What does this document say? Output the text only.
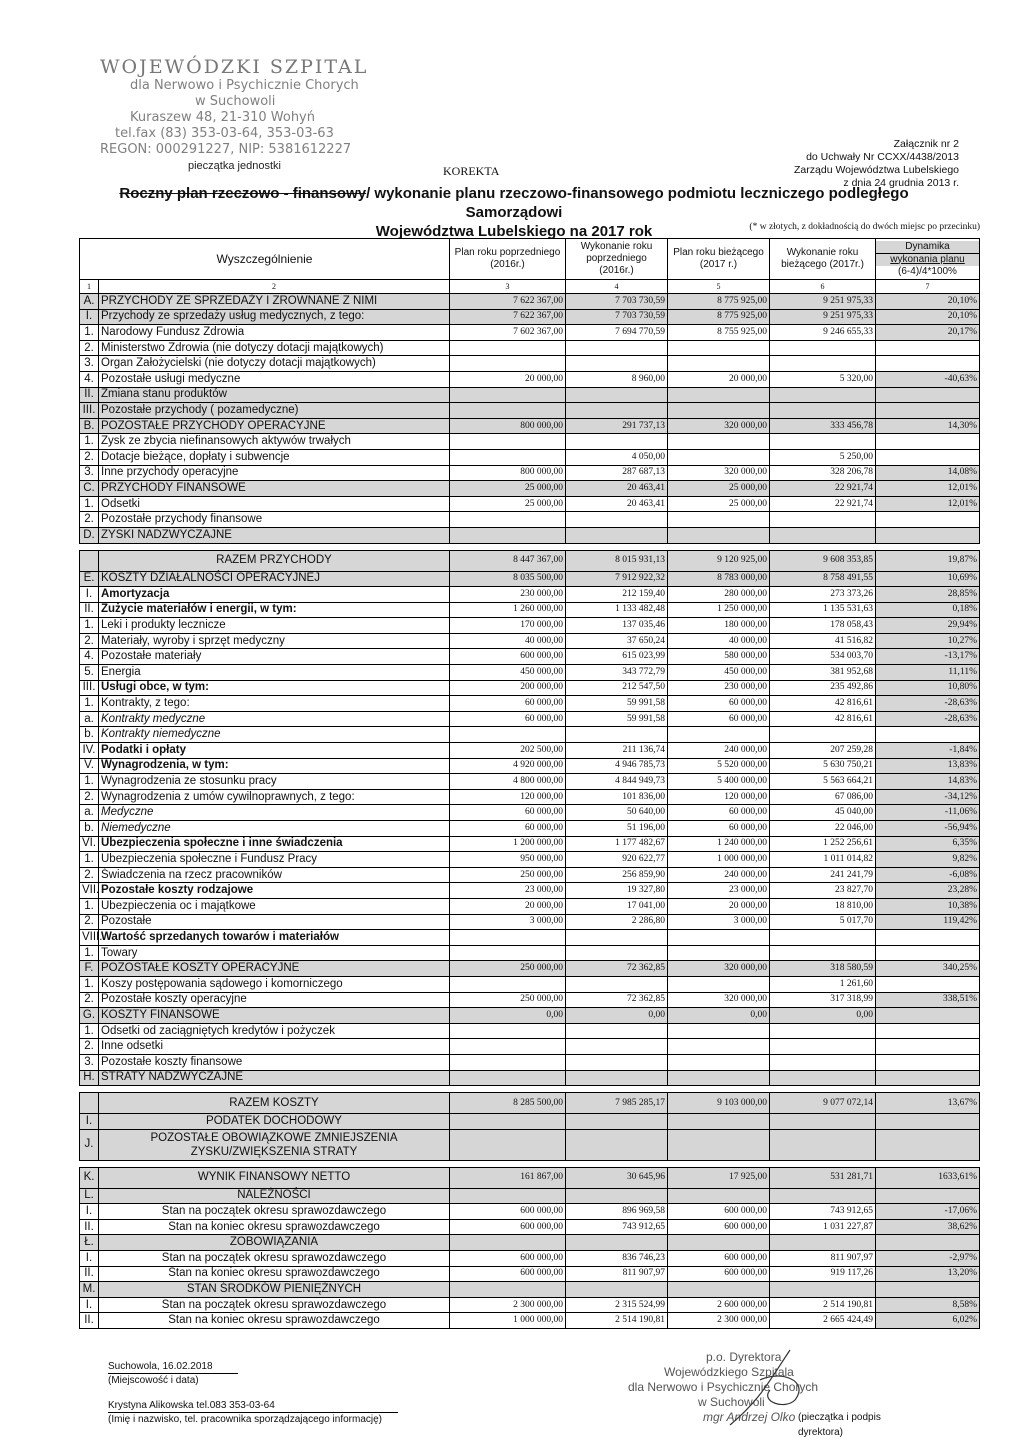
WOJEWÓDZKI SZPITAL
dla Nerwowo i Psychicznie Chorych
w Suchowoli
Kuraszew 48, 21-310 Wohyń
tel.fax (83) 353-03-64, 353-03-63
REGON: 000291227, NIP: 5381612227
pieczątka jednostki	KOREKTA
Załącznik nr 2
do Uchwały Nr CCXX/4438/2013
Zarządu Województwa Lubelskiego
z dnia 24 grudnia 2013 r.
Roczny plan rzeczowo - finansowy/ wykonanie planu rzeczowo-finansowego podmiotu leczniczego podległego Samorządowi
Województwa Lubelskiego na 2017 rok	(* w złotych, z dokładnością do dwóch miejsc po przecinku)
Wyszczególnienie		Plan roku poprzedniego (2016r.)	Wykonanie roku poprzedniego (2016r.)	Plan roku bieżącego (2017 r.)	Wykonanie roku bieżącego (2017r.)	Dynamika
wykonania planu
(6-4)/4*100%

1	2	3	4	5	6	7
A.	PRZYCHODY ZE SPRZEDAŻY I ZROWNANE Z NIMI	7 622 367,00	7 703 730,59	8 775 925,00	9 251 975,33	20,10%
I.	Przychody ze sprzedaży usług medycznych, z tego:	7 622 367,00	7 703 730,59	8 775 925,00	9 251 975,33	20,10%
1.	Narodowy Fundusz Zdrowia	7 602 367,00	7 694 770,59	8 755 925,00	9 246 655,33	20,17%
2.	Ministerstwo Zdrowia (nie dotyczy dotacji majątkowych)					
3.	Organ Założycielski (nie dotyczy dotacji majątkowych)					
4.	Pozostałe usługi medyczne	20 000,00	8 960,00	20 000,00	5 320,00	-40,63%
II.	Zmiana stanu produktów					
III.	Pozostałe przychody ( pozamedyczne)					
B.	POZOSTAŁE PRZYCHODY OPERACYJNE	800 000,00	291 737,13	320 000,00	333 456,78	14,30%
1.	Zysk ze zbycia niefinansowych aktywów trwałych					
2.	Dotacje bieżące, dopłaty i subwencje		4 050,00		5 250,00	
3.	Inne przychody operacyjne	800 000,00	287 687,13	320 000,00	328 206,78	14,08%
C.	PRZYCHODY FINANSOWE	25 000,00	20 463,41	25 000,00	22 921,74	12,01%
1.	Odsetki	25 000,00	20 463,41	25 000,00	22 921,74	12,01%
2.	Pozostałe przychody finansowe					
D.	ZYSKI NADZWYCZAJNE					

	RAZEM PRZYCHODY	8 447 367,00	8 015 931,13	9 120 925,00	9 608 353,85	19,87%
E.	KOSZTY DZIAŁALNOŚCI OPERACYJNEJ	8 035 500,00	7 912 922,32	8 783 000,00	8 758 491,55	10,69%
I.	Amortyzacja	230 000,00	212 159,40	280 000,00	273 373,26	28,85%
II.	Zużycie materiałów i energii, w tym:	1 260 000,00	1 133 482,48	1 250 000,00	1 135 531,63	0,18%
1.	Leki i produkty lecznicze	170 000,00	137 035,46	180 000,00	178 058,43	29,94%
2.	Materiały, wyroby i sprzęt medyczny	40 000,00	37 650,24	40 000,00	41 516,82	10,27%
4.	Pozostałe materiały	600 000,00	615 023,99	580 000,00	534 003,70	-13,17%
5.	Energia	450 000,00	343 772,79	450 000,00	381 952,68	11,11%
III.	Usługi obce, w tym:	200 000,00	212 547,50	230 000,00	235 492,86	10,80%
1.	Kontrakty, z tego:	60 000,00	59 991,58	60 000,00	42 816,61	-28,63%
a.	Kontrakty medyczne	60 000,00	59 991,58	60 000,00	42 816,61	-28,63%
b.	Kontrakty niemedyczne					
IV.	Podatki i opłaty	202 500,00	211 136,74	240 000,00	207 259,28	-1,84%
V.	Wynagrodzenia, w tym:	4 920 000,00	4 946 785,73	5 520 000,00	5 630 750,21	13,83%
1.	Wynagrodzenia ze stosunku pracy	4 800 000,00	4 844 949,73	5 400 000,00	5 563 664,21	14,83%
2.	Wynagrodzenia z umów cywilnoprawnych, z tego:	120 000,00	101 836,00	120 000,00	67 086,00	-34,12%
a.	Medyczne	60 000,00	50 640,00	60 000,00	45 040,00	-11,06%
b.	Niemedyczne	60 000,00	51 196,00	60 000,00	22 046,00	-56,94%
VI.	Ubezpieczenia społeczne i inne świadczenia	1 200 000,00	1 177 482,67	1 240 000,00	1 252 256,61	6,35%
1.	Ubezpieczenia społeczne i Fundusz Pracy	950 000,00	920 622,77	1 000 000,00	1 011 014,82	9,82%
2.	Świadczenia na rzecz pracowników	250 000,00	256 859,90	240 000,00	241 241,79	-6,08%
VII.	Pozostałe koszty rodzajowe	23 000,00	19 327,80	23 000,00	23 827,70	23,28%
1.	Ubezpieczenia oc i majątkowe	20 000,00	17 041,00	20 000,00	18 810,00	10,38%
2.	Pozostałe	3 000,00	2 286,80	3 000,00	5 017,70	119,42%
VIII.	Wartość sprzedanych towarów i materiałów					
1.	Towary					
F.	POZOSTAŁE KOSZTY OPERACYJNE	250 000,00	72 362,85	320 000,00	318 580,59	340,25%
1.	Koszy postępowania sądowego i komorniczego				1 261,60	
2.	Pozostałe koszty operacyjne	250 000,00	72 362,85	320 000,00	317 318,99	338,51%
G.	KOSZTY FINANSOWE	0,00	0,00	0,00	0,00	
1.	Odsetki od zaciągniętych kredytów i pożyczek					
2.	Inne odsetki					
3.	Pozostałe koszty finansowe					
H.	STRATY NADZWYCZAJNE					

	RAZEM KOSZTY	8 285 500,00	7 985 285,17	9 103 000,00	9 077 072,14	13,67%
I.	PODATEK DOCHODOWY					
J.	POZOSTAŁE OBOWIĄZKOWE ZMNIEJSZENIA ZYSKU/ZWIĘKSZENIA STRATY					

K.	WYNIK FINANSOWY NETTO	161 867,00	30 645,96	17 925,00	531 281,71	1633,61%
L.	NALEŻNOŚCI					
I.	Stan na początek okresu sprawozdawczego	600 000,00	896 969,58	600 000,00	743 912,65	-17,06%
II.	Stan na koniec okresu sprawozdawczego	600 000,00	743 912,65	600 000,00	1 031 227,87	38,62%
Ł.	ZOBOWIĄZANIA					
I.	Stan na początek okresu sprawozdawczego	600 000,00	836 746,23	600 000,00	811 907,97	-2,97%
II.	Stan na koniec okresu sprawozdawczego	600 000,00	811 907,97	600 000,00	919 117,26	13,20%
M.	STAN ŚRODKÓW PIENIĘŻNYCH					
I.	Stan na początek okresu sprawozdawczego	2 300 000,00	2 315 524,99	2 600 000,00	2 514 190,81	8,58%
II.	Stan na koniec okresu sprawozdawczego	1 000 000,00	2 514 190,81	2 300 000,00	2 665 424,49	6,02%
Suchowola, 16.02.2018
(Miejscowość i data)
Krystyna Alikowska tel.083 353-03-64
(Imię i nazwisko, tel. pracownika sporządzającego informację)
p.o. Dyrektora
Wojewódzkiego Szpitala
dla Nerwowo i Psychicznie Chorych
w Suchowoli
mgr Andrzej Olko (pieczątka i podpis dyrektora)
